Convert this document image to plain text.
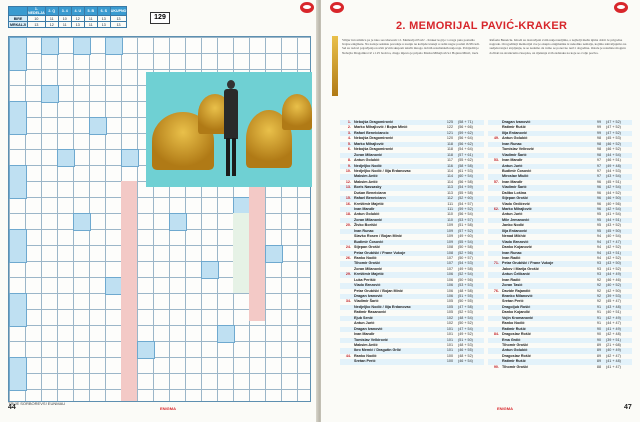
	1. NEDELJA	2. Q	3. 4	4. U	5. B	6. S	UKUPNO
BIRE	10	11	10	12	11	13	13
MRKALJI	13	12	11	13	11	13	13
129
TRIJE SORBOREVS! EUNMAU
44	ENIGMA
2. MEMORIJAL PAVIĆ-KRAKER
Vilijar ini remitica ps je tako ses iduceom i 2. Memorijal Pavić - Kraker koji je i ovega puta postudio brojne enigmate. Na nadoje sekinsu poradaje u zsanju na kolipde izuzejt u redni nagre poslati ih 98 rudi. Sel su radovi pojavljenja novim prvim skupom takvih mnogo dobrih rezultatskih natjecaja. Pobijediti je Nebojša Dragomirović s 125 bodova, drugo mjesto je pripalo Marku Mihajloviću i Bojanu Minić, treće Rafaelu Beneiciu. Ishodi su dostavljeni svim natjecateljima, a najbolji među njima dobit će prigodne nagrade. Ovogodišnji memorijal sve je okupio enigmatiku iz nekoliko zemalja, kojima zahvaljujemo na sudjelovanju i strpljenju, te se nadamo da ćemo se ponovno naći i dogodine. Ostale je rezultate moguće dočitati na stranicama časopisa, uz riješenja svih zadataka na koje se ovdje poziva.
1. Nebojša Dragomirović	125 (58 + 71)
2. Marko Mihajlović / Bojan Minić	122 (56 + 66)
3. Rafael Beneiciancic	121 (59 + 62)
4. Nebojša Dragomirović	120 (56 + 64)
5. Marko Mihajlović	118 (56 + 62)
6. Nebojša Dragomirović	118 (54 + 64)
Zoran Milanović	118 (57 + 61)
8. Antun Golubić	117 (55 + 62)
9. Nedjeljko Nodić	116 (58 + 58)
10. Nedjeljko Nodić / Ilija Erdanovac	114 (61 + 53)
Maksim Antić	114 (60 + 54)
12. Maksim Antić	114 (56 + 58)
13. Boris Nassasky	113 (54 + 59)
Dušan Beneiciann	113 (55 + 58)
15. Rafael Beneiciann	112 (52 + 60)
16. Kreštimir Majetić	111 (54 + 57)
Ivan Mandir	111 (59 + 52)
18. Antun Golubić	110 (56 + 54)
Zoran Milanović	110 (53 + 57)
20. Živko Borišić	109 (51 + 58)
Ivan Runac	109 (57 + 52)
Slavko Rosen / Bojan Minić	109 (49 + 60)
Budimir Ćosović	109 (55 + 54)
24. Stjepan Grošić	108 (50 + 58)
Petar Grubišić / Frane Vukoje	108 (52 + 56)
26. Ranko Nodić	107 (50 + 57)
Tihomir Grošić	107 (54 + 53)
Zoran Milanović	107 (49 + 58)
29. Kreštimir Majetić	106 (52 + 54)
Luka Perišić	106 (50 + 56)
Vlado Brezović	106 (53 + 53)
Petar Grubišić / Bojan Minić	106 (48 + 58)
Dragan Ivanović	106 (51 + 55)
34. Vladimir Šarić	105 (50 + 55)
Nedjeljko Nodić / Ilija Erdanovac	105 (47 + 58)
Ratimir Rasanović	105 (52 + 53)
Ejub Senić	102 (48 + 54)
Antun Jurić	102 (50 + 52)
Dragan Ivanović	101 (47 + 54)
Ivan Mandir	101 (49 + 52)
Tomislav Velkirović	101 (51 + 50)
Maksim Antić	101 (48 + 53)
Ikro Memić / Dragutin Grlić	101 (46 + 55)
44. Ranko Nodić	100 (48 + 52)
Sretan Perić	100 (46 + 54)
Dragan Ivanović	99 (47 + 52)
Ratimir Rušić	99 (47 + 52)
Ilija Erdanović	99 (47 + 52)
49. Antun Golubić	98 (45 + 53)
Ivan Runac	98 (46 + 52)
Tomislav Velirović	98 (46 + 52)
Vladimir Šarić	98 (44 + 54)
53. Ivan Mandir	97 (46 + 51)
Antun Jurić	97 (49 + 48)
Budimir Ćosović	97 (44 + 53)
Miroslav Miulić	97 (43 + 54)
57. Ivan Mandir	96 (45 + 51)
Vladimir Šarić	96 (42 + 54)
Dalibo Lošina	96 (44 + 52)
Stjepan Grošić	96 (46 + 50)
Vlado Grdićević	96 (40 + 56)
62. Marko Mihajlović	96 (42 + 54)
Antun Jurić	95 (41 + 54)
Mile Jemanović	95 (44 + 51)
Janko Nodić	95 (43 + 52)
Ilija Erdanović	95 (45 + 50)
Nenad Mikhić	94 (40 + 54)
Vlado Brezović	94 (47 + 47)
Danko Kojanović	94 (42 + 52)
Ivan Runac	94 (43 + 51)
Ivan Radić	94 (42 + 52)
71. Petar Grubišić / Frane Vukoje	93 (43 + 50)
Jakov i Marija Grošić	93 (41 + 52)
Antun Ćelikanić	93 (44 + 49)
Ivan Radić	92 (46 + 46)
Zoran Tasić	92 (40 + 52)
76. Davide Rajandić	92 (42 + 50)
Branko Milanović	92 (39 + 53)
Sretan Perić	92 (45 + 47)
Dragoljub Rošić	91 (43 + 48)
Danko Kojandić	91 (40 + 51)
Vojin Kromanović	91 (42 + 49)
Ranko Nodić	91 (44 + 47)
Ratimir Rušić	90 (41 + 49)
84. Dragoslav Rošić	90 (42 + 48)
Ema Grdić	90 (39 + 51)
Tihomir Grošić	89 (21 + 68)
Antun Golubić	89 (40 + 49)
Dragoslav Rošić	89 (42 + 47)
Ratimir Rušić	89 (41 + 48)
90. Tihomir Grošić	88 (41 + 47)
47
ENIGMA
